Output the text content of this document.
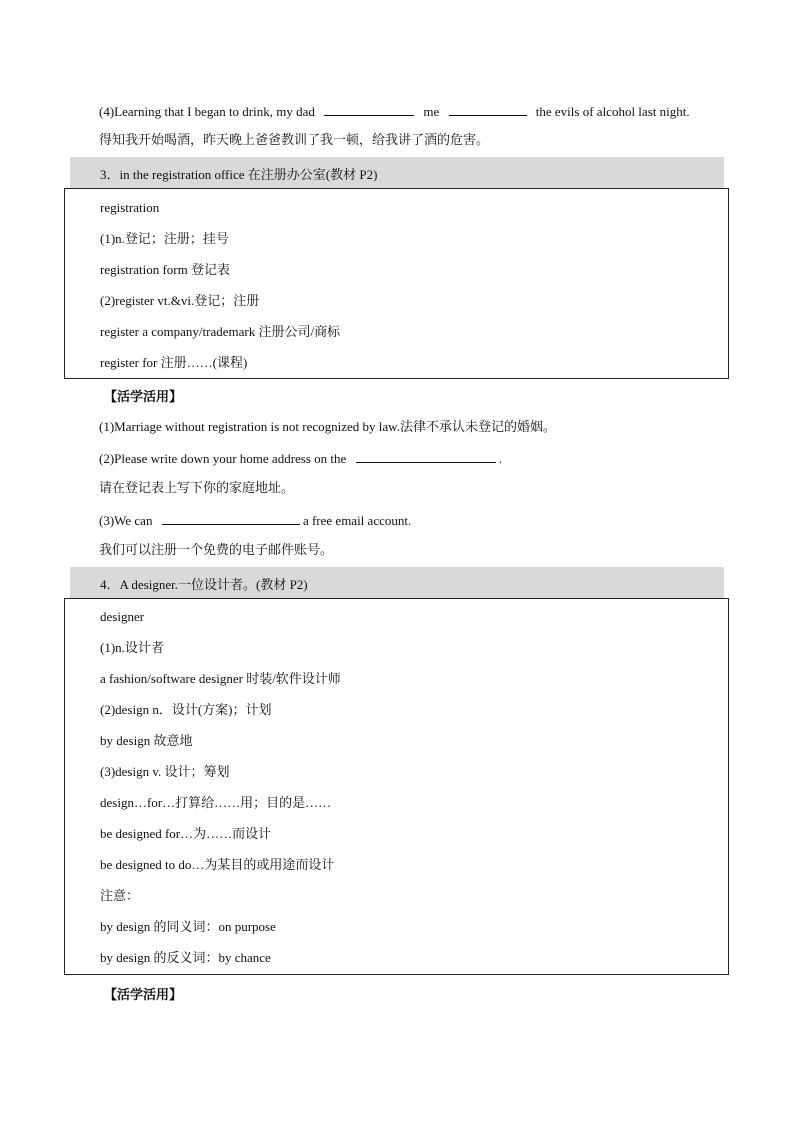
(4)Learning that I began to drink, my dad	me	the evils of alcohol last night.
得知我开始喝酒，昨天晚上爸爸教训了我一顿，给我讲了酒的危害。
3．in the registration office 在注册办公室(教材 P2)
registration
(1)n.登记；注册；挂号
registration form 登记表
(2)register vt.&vi.登记；注册
register a company/trademark 注册公司/商标
register for 注册……(课程)
【活学活用】
(1)Marriage without registration is not recognized by law.法律不承认未登记的婚姻。
(2)Please write down your home address on the	.
请在登记表上写下你的家庭地址。
(3)We can	a free email account.
我们可以注册一个免费的电子邮件账号。
4．A designer.一位设计者。(教材 P2)
designer
(1)n.设计者
a fashion/software designer 时装/软件设计师
(2)design n．设计(方案)；计划
by design 故意地
(3)design v. 设计；筹划
design…for…打算给……用；目的是……
be designed for…为……而设计
be designed to do…为某目的或用途而设计
注意：
by design 的同义词：on purpose
by design 的反义词：by chance
【活学活用】
